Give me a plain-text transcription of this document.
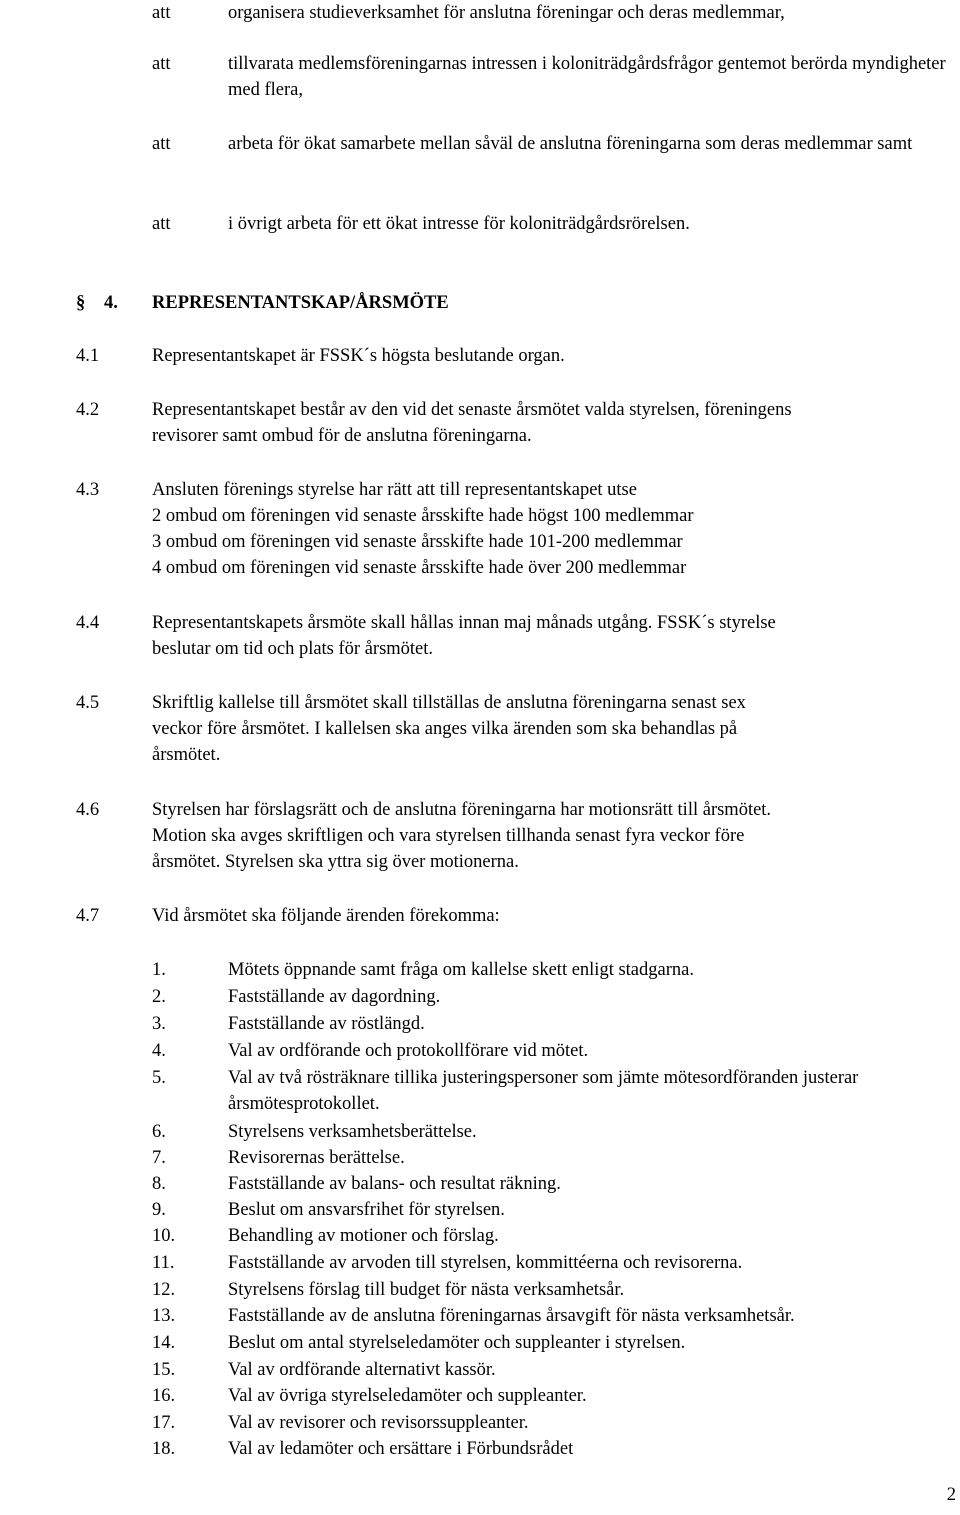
att	organisera studieverksamhet för anslutna föreningar och deras medlemmar,
att	tillvarata medlemsföreningarnas intressen i koloniträdgårdsfrågor gentemot berörda myndigheter med flera,
att	arbeta för ökat samarbete mellan såväl de anslutna föreningarna som deras medlemmar samt
att	i övrigt arbeta för ett ökat intresse för koloniträdgårdsrörelsen.
§ 4. REPRESENTANTSKAP/ÅRSMÖTE
4.1	Representantskapet är FSSK´s högsta beslutande organ.
4.2	Representantskapet består av den vid det senaste årsmötet valda styrelsen, föreningens
revisorer samt ombud för de anslutna föreningarna.
4.3	Ansluten förenings styrelse har rätt att till representantskapet utse
2 ombud om föreningen vid senaste årsskifte hade högst 100 medlemmar
3 ombud om föreningen vid senaste årsskifte hade 101-200 medlemmar
4 ombud om föreningen vid senaste årsskifte hade över 200 medlemmar
4.4	Representantskapets årsmöte skall hållas innan maj månads utgång. FSSK´s styrelse
beslutar om tid och plats för årsmötet.
4.5	Skriftlig kallelse till årsmötet skall tillställas de anslutna föreningarna senast sex
veckor före årsmötet. I kallelsen ska anges vilka ärenden som ska behandlas på
årsmötet.
4.6	Styrelsen har förslagsrätt och de anslutna föreningarna har motionsrätt till årsmötet.
Motion ska avges skriftligen och vara styrelsen tillhanda senast fyra veckor före
årsmötet. Styrelsen ska yttra sig över motionerna.
4.7	Vid årsmötet ska följande ärenden förekomma:
1.	Mötets öppnande samt fråga om kallelse skett enligt stadgarna.
2.	Fastställande av dagordning.
3.	Fastställande av röstlängd.
4.	Val av ordförande och protokollförare vid mötet.
5.	Val av två rösträknare tillika justeringspersoner som jämte mötesordföranden justerar årsmötesprotokollet.
6.	Styrelsens verksamhetsberättelse.
7.	Revisorernas berättelse.
8.	Fastställande av balans- och resultat räkning.
9.	Beslut om ansvarsfrihet för styrelsen.
10.	Behandling av motioner och förslag.
11.	Fastställande av arvoden till styrelsen, kommittéerna och revisorerna.
12.	Styrelsens förslag till budget för nästa verksamhetsår.
13.	Fastställande av de anslutna föreningarnas årsavgift för nästa verksamhetsår.
14.	Beslut om antal styrelseledamöter och suppleanter i styrelsen.
15.	Val av ordförande alternativt kassör.
16.	Val av övriga styrelseledamöter och suppleanter.
17.	Val av revisorer och revisorssuppleanter.
18.	Val av ledamöter och ersättare i Förbundsrådet
2
